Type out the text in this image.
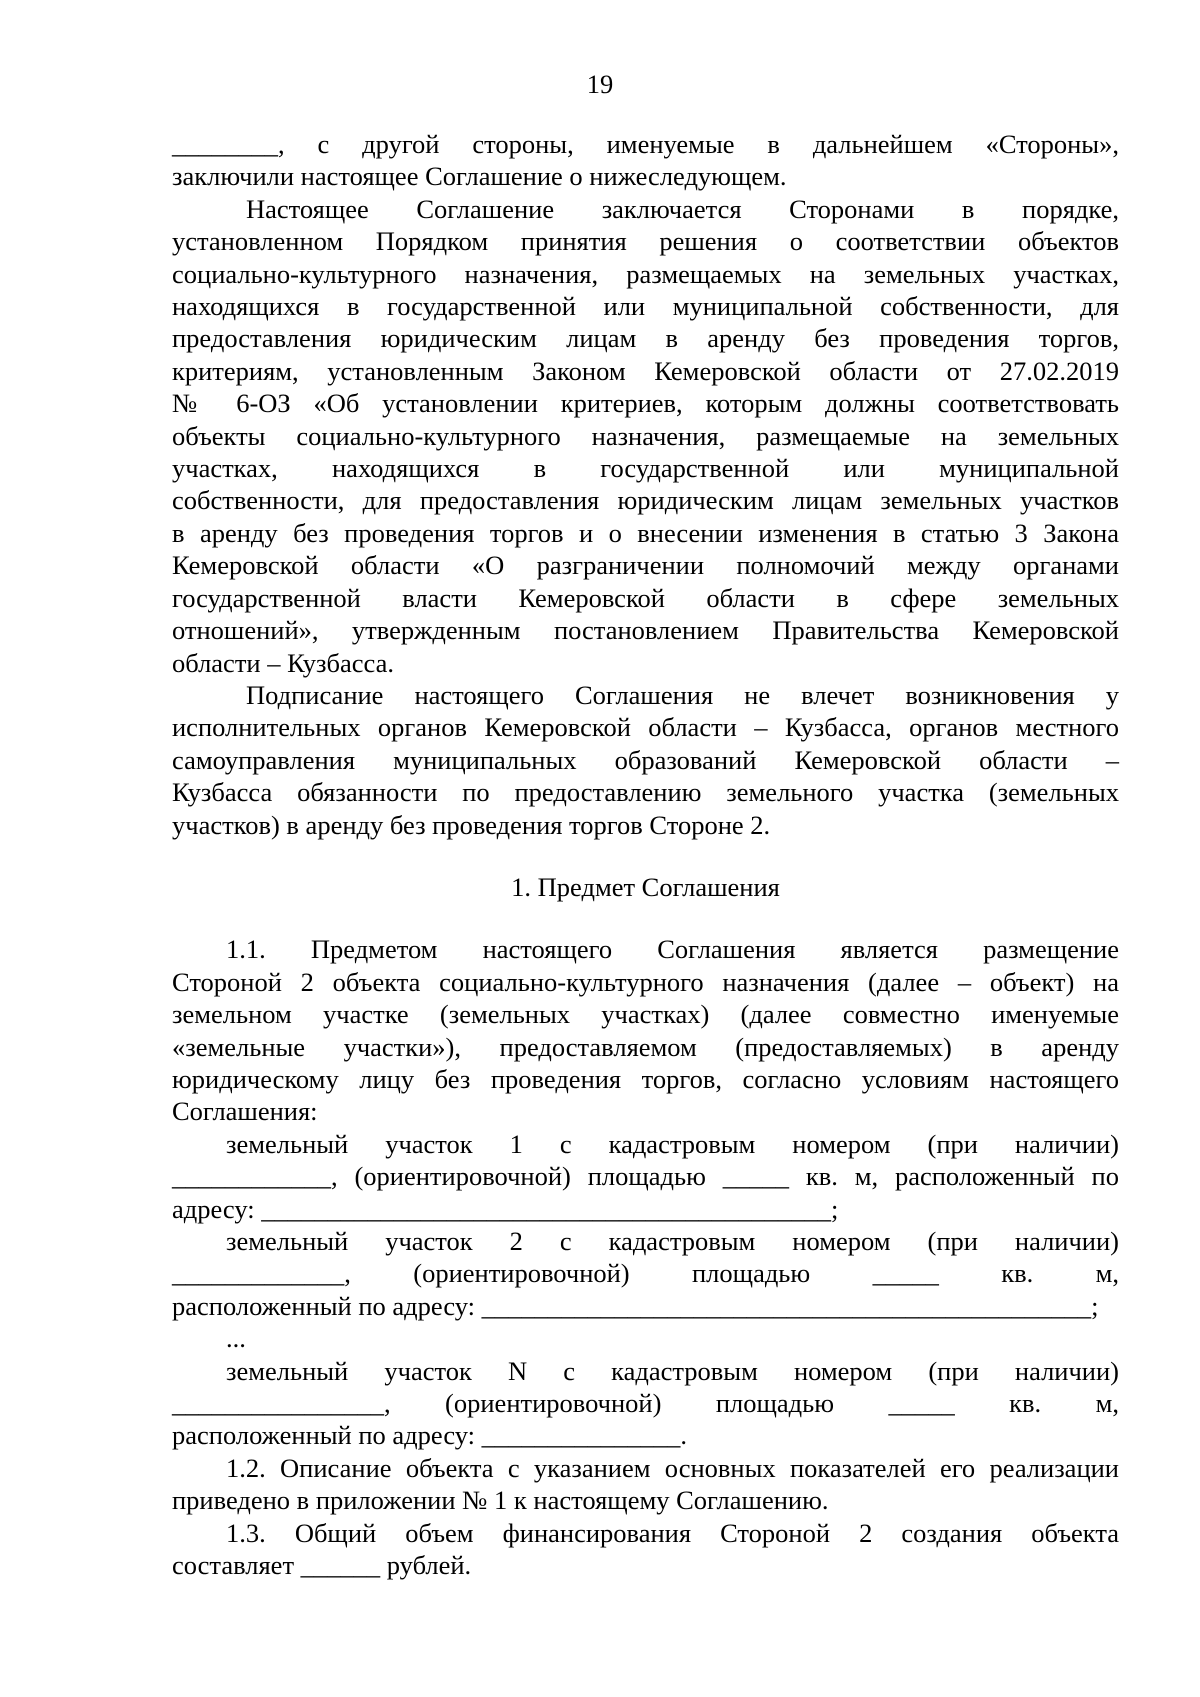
19

________, с другой стороны, именуемые в дальнейшем «Стороны»,

заключили настоящее Соглашение о нижеследующем.

Настоящее Соглашение заключается Сторонами в порядке,

установленном Порядком принятия решения о соответствии объектов

социально-культурного назначения, размещаемых на земельных участках,

находящихся в государственной или муниципальной собственности, для

предоставления юридическим лицам в аренду без проведения торгов,

критериям, установленным Законом Кемеровской области от 27.02.2019

№ 6-ОЗ «Об установлении критериев, которым должны соответствовать

объекты социально-культурного назначения, размещаемые на земельных

участках, находящихся в государственной или муниципальной

собственности, для предоставления юридическим лицам земельных участков

в аренду без проведения торгов и о внесении изменения в статью 3 Закона

Кемеровской области «О разграничении полномочий между органами

государственной власти Кемеровской области в сфере земельных

отношений», утвержденным постановлением Правительства Кемеровской

области – Кузбасса.

Подписание настоящего Соглашения не влечет возникновения у

исполнительных органов Кемеровской области – Кузбасса, органов местного

самоуправления муниципальных образований Кемеровской области –

Кузбасса обязанности по предоставлению земельного участка (земельных

участков) в аренду без проведения торгов Стороне 2.

1. Предмет Соглашения

1.1. Предметом настоящего Соглашения является размещение

Стороной 2 объекта социально-культурного назначения (далее – объект) на

земельном участке (земельных участках) (далее совместно именуемые

«земельные участки»), предоставляемом (предоставляемых) в аренду

юридическому лицу без проведения торгов, согласно условиям настоящего

Соглашения:

земельный участок 1 с кадастровым номером (при наличии)

____________, (ориентировочной) площадью _____ кв. м, расположенный по

адресу: ___________________________________________;

земельный участок 2 с кадастровым номером (при наличии)

_____________, (ориентировочной) площадью _____ кв. м,

расположенный по адресу: ______________________________________________;

...

земельный участок N с кадастровым номером (при наличии)

________________, (ориентировочной) площадью _____ кв. м,

расположенный по адресу: _______________.

1.2. Описание объекта с указанием основных показателей его реализации

приведено в приложении № 1 к настоящему Соглашению.

1.3. Общий объем финансирования Стороной 2 создания объекта

составляет ______ рублей.
